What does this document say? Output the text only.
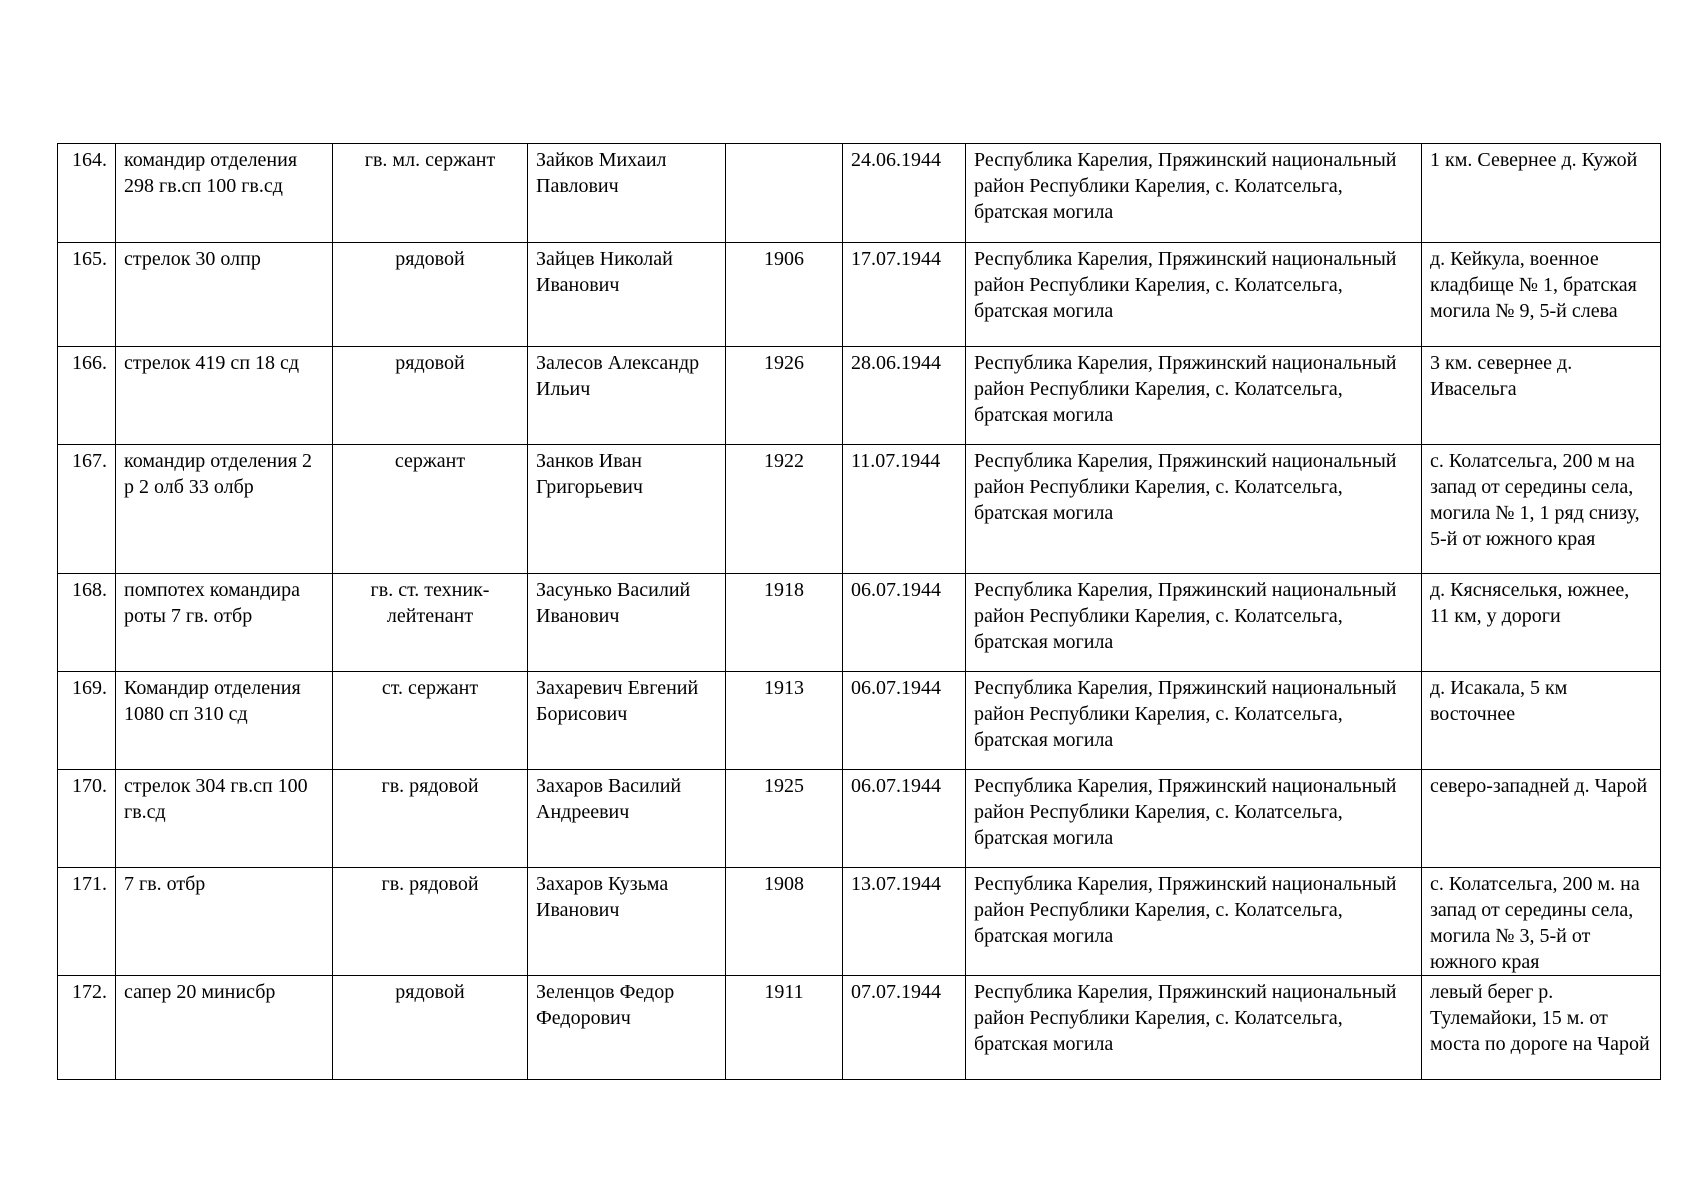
164.	командир отделения 298 гв.сп 100 гв.сд	гв. мл. сержант	Зайков Михаил Павлович		24.06.1944	Республика Карелия, Пряжинский национальный район Республики Карелия, с. Колатсельга, братская могила	1 км. Севернее д. Кужой
165.	стрелок 30 олпр	рядовой	Зайцев Николай Иванович	1906	17.07.1944	Республика Карелия, Пряжинский национальный район Республики Карелия, с. Колатсельга, братская могила	д. Кейкула, военное кладбище № 1, братская могила № 9, 5-й слева
166.	стрелок 419 сп 18 сд	рядовой	Залесов Александр Ильич	1926	28.06.1944	Республика Карелия, Пряжинский национальный район Республики Карелия, с. Колатсельга, братская могила	3 км. севернее д. Ивасельга
167.	командир отделения 2 р 2 олб 33 олбр	сержант	Занков Иван Григорьевич	1922	11.07.1944	Республика Карелия, Пряжинский национальный район Республики Карелия, с. Колатсельга, братская могила	с. Колатсельга, 200 м на запад от середины села, могила № 1, 1 ряд снизу, 5-й от южного края
168.	помпотех командира роты 7 гв. отбр	гв. ст. техник-лейтенант	Засунько Василий Иванович	1918	06.07.1944	Республика Карелия, Пряжинский национальный район Республики Карелия, с. Колатсельга, братская могила	д. Кясняселькя, южнее, 11 км, у дороги
169.	Командир отделения 1080 сп 310 сд	ст. сержант	Захаревич Евгений Борисович	1913	06.07.1944	Республика Карелия, Пряжинский национальный район Республики Карелия, с. Колатсельга, братская могила	д. Исакала, 5 км восточнее
170.	стрелок 304 гв.сп 100 гв.сд	гв. рядовой	Захаров Василий Андреевич	1925	06.07.1944	Республика Карелия, Пряжинский национальный район Республики Карелия, с. Колатсельга, братская могила	северо-западней д. Чарой
171.	7 гв. отбр	гв. рядовой	Захаров Кузьма Иванович	1908	13.07.1944	Республика Карелия, Пряжинский национальный район Республики Карелия, с. Колатсельга, братская могила	с. Колатсельга, 200 м. на запад от середины села, могила № 3, 5-й от южного края
172.	сапер 20 минисбр	рядовой	Зеленцов Федор Федорович	1911	07.07.1944	Республика Карелия, Пряжинский национальный район Республики Карелия, с. Колатсельга, братская могила	левый берег р. Тулемайоки, 15 м. от моста по дороге на Чарой
